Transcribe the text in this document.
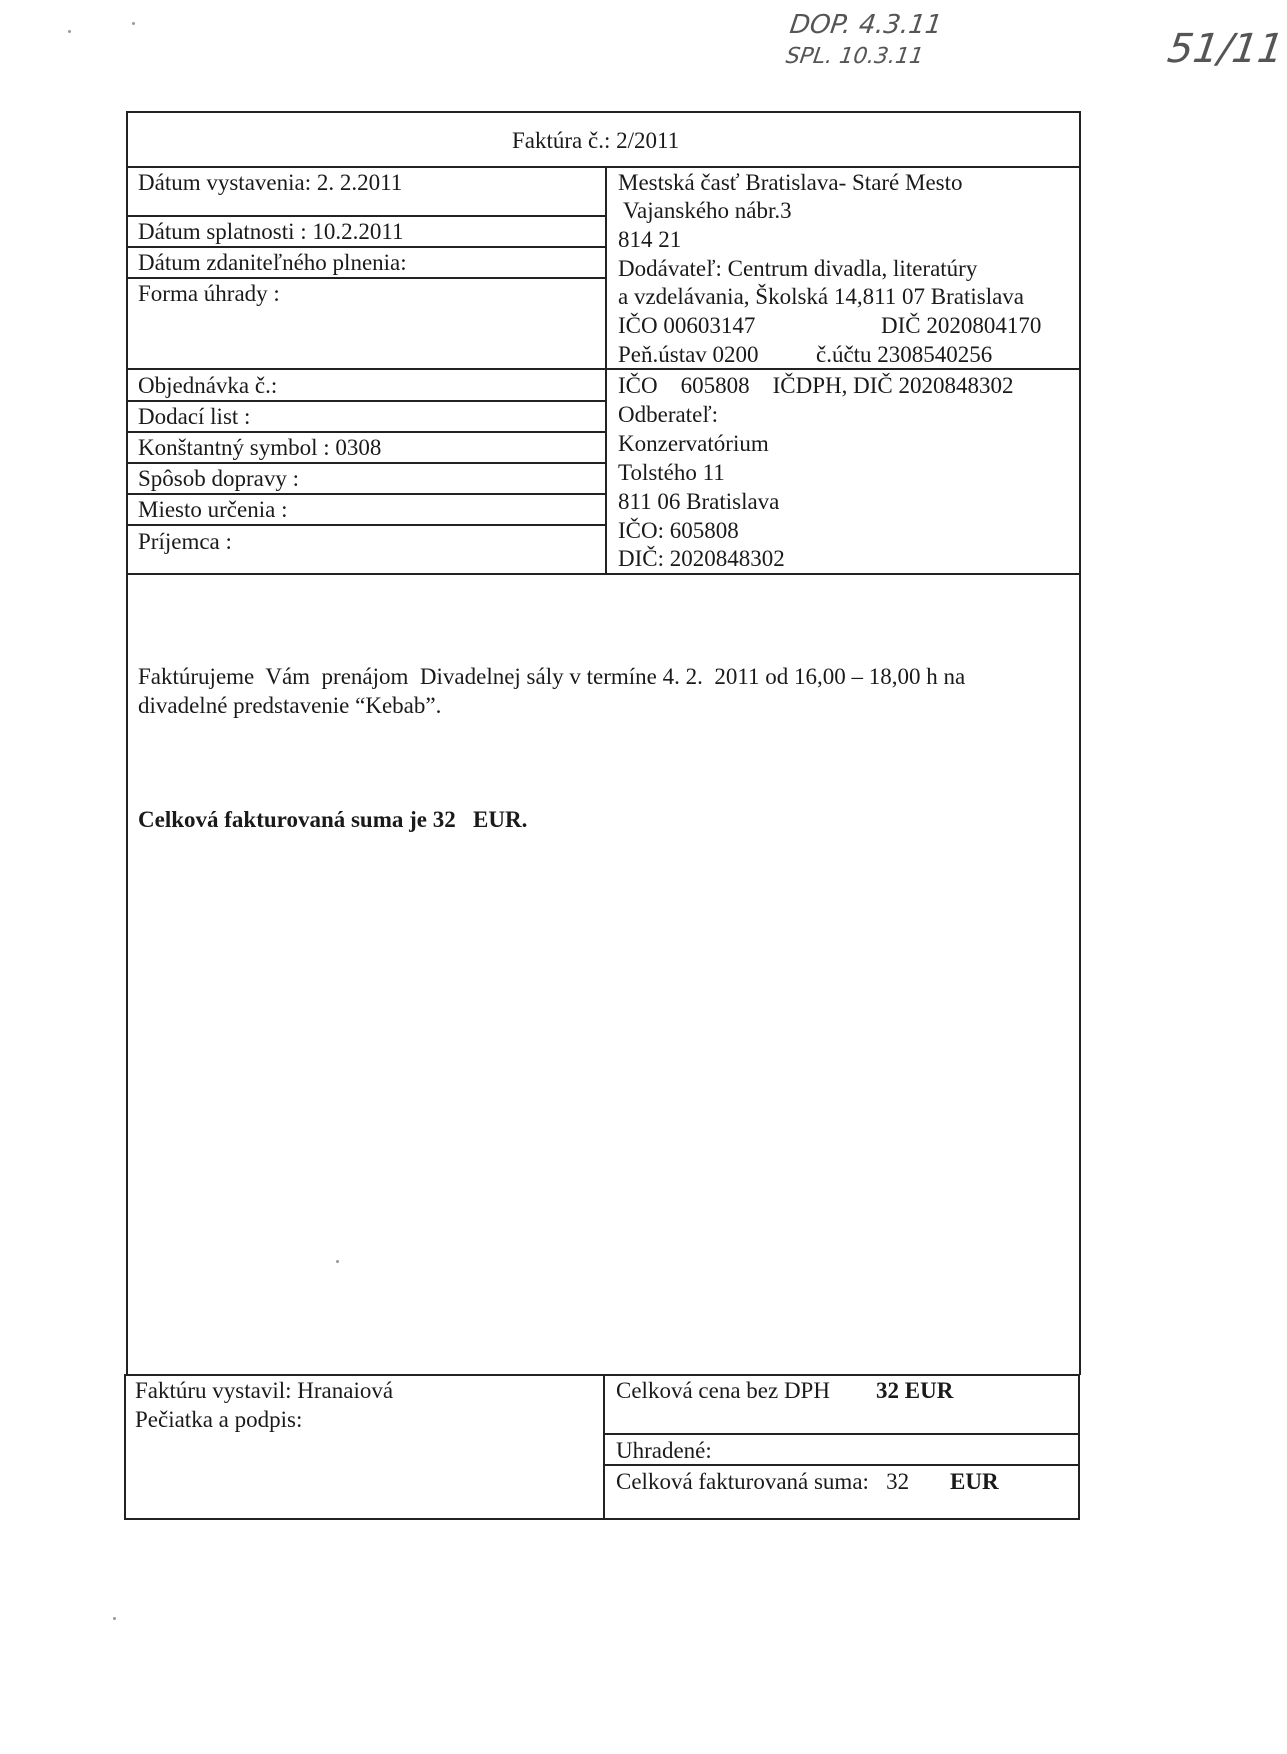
DOP. 4.3.11
SPL. 10.3.11	51/11
Faktúra č.: 2/2011
Dátum vystavenia: 2. 2.2011
Dátum splatnosti : 10.2.2011
Dátum zdaniteľného plnenia:
Forma úhrady :
Objednávka č.:
Dodací list :
Konštantný symbol : 0308
Spôsob dopravy :
Miesto určenia :
Príjemca :
Mestská časť Bratislava- Staré Mesto
Vajanského nábr.3
814 21
Dodávateľ: Centrum divadla, literatúry
a vzdelávania, Školská 14,811 07 Bratislava
IČO 00603147	DIČ 2020804170
Peň.ústav 0200 č.účtu 2308540256
IČO    605808    IČDPH, DIČ 2020848302
Odberateľ:
Konzervatórium
Tolstého 11
811 06 Bratislava
IČO: 605808
DIČ: 2020848302
Faktúrujeme  Vám  prenájom  Divadelnej sály v termíne 4. 2.  2011 od 16,00 – 18,00 h na
divadelné predstavenie “Kebab”.
Celková fakturovaná suma je 32   EUR.
Faktúru vystavil: Hranaiová
Pečiatka a podpis:
Celková cena bez DPH 32 EUR
Uhradené:
Celková fakturovaná suma:   32 EUR
